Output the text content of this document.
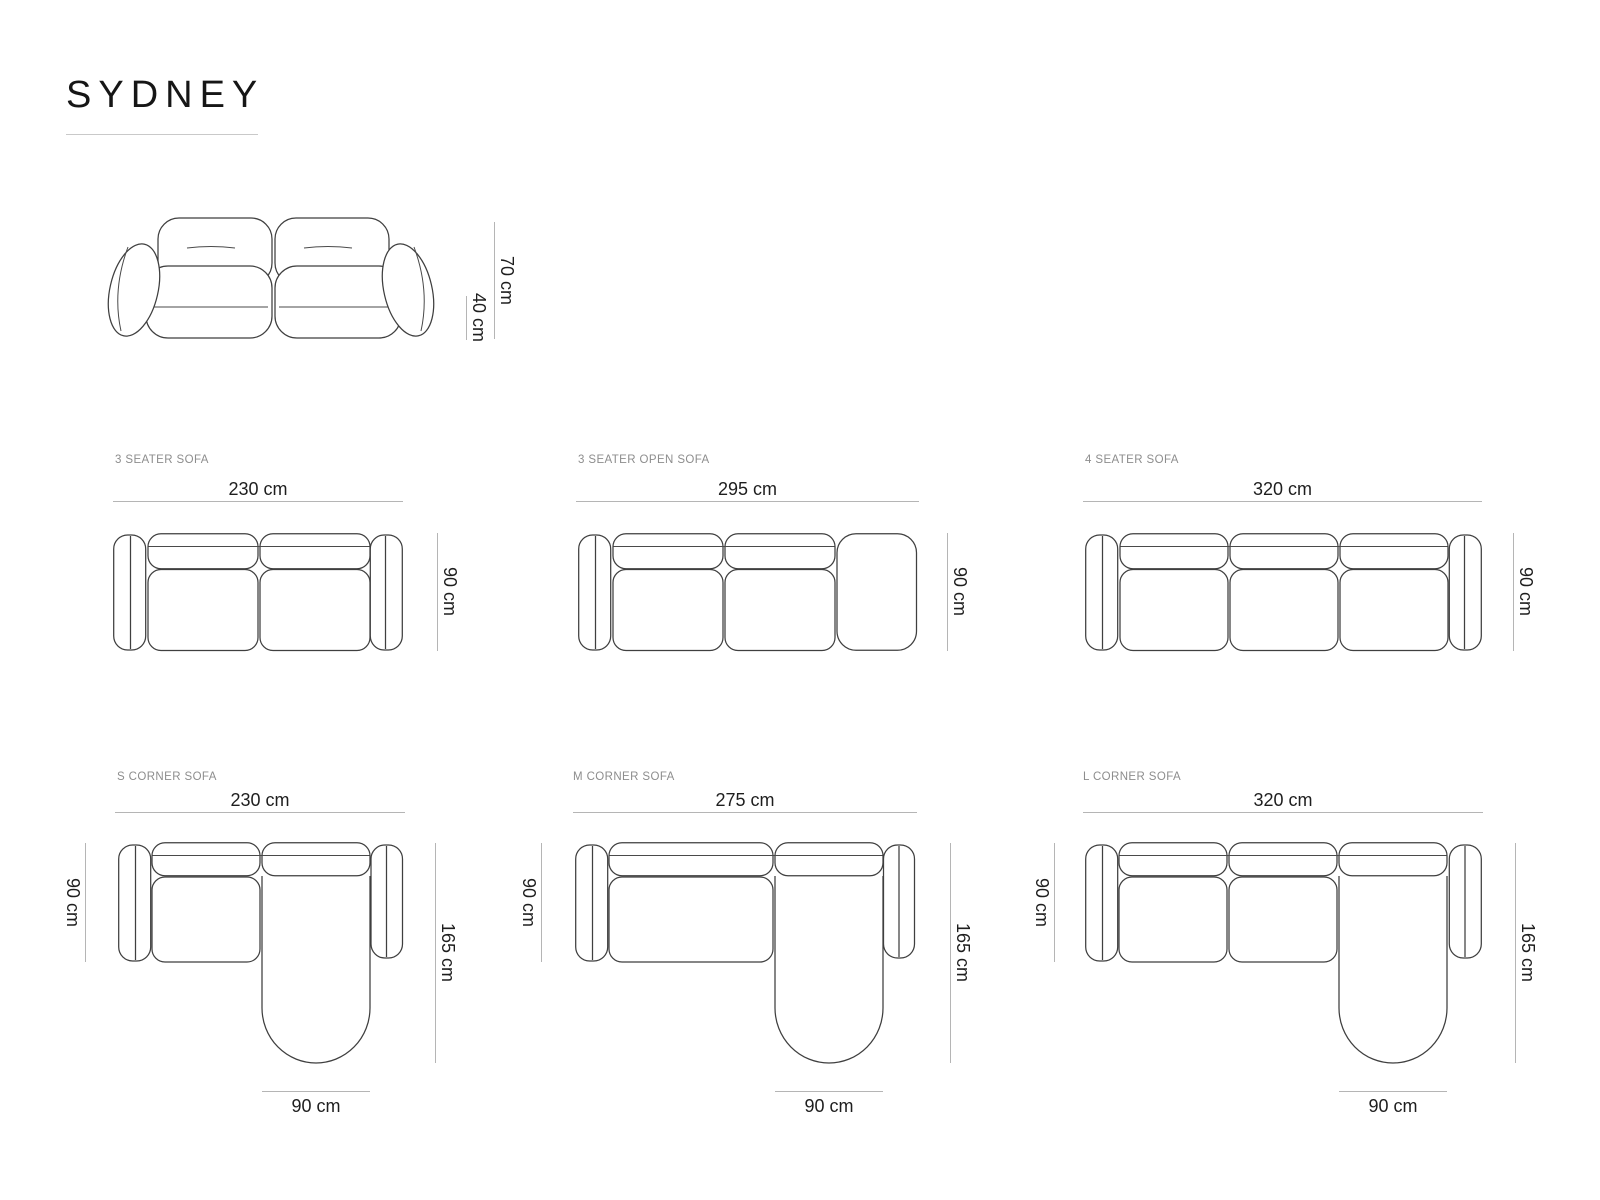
SYDNEY
70 cm
40 cm
3 SEATER SOFA
230 cm
90 cm
3 SEATER OPEN SOFA
295 cm
90 cm
4 SEATER SOFA
320 cm
90 cm
S CORNER SOFA
230 cm
90 cm
165 cm
90 cm
M CORNER SOFA
275 cm
90 cm
165 cm
90 cm
L CORNER SOFA
320 cm
90 cm
165 cm
90 cm
